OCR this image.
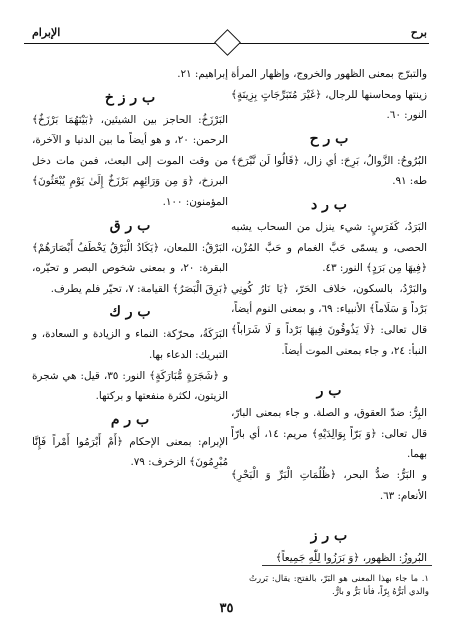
برح
الإبرام

والتبرّج بمعنى الظهور والخروج، وإظهار المرأة زينتها ومحاسنها للرجال، ﴿غَيْرَ مُتَبَرِّجَاتٍ بِزِينَةٍ﴾ النور: ٦٠.

ب ر ح

البُرُوحُ: الزَّوالُ، بَرِحَ: أي زال، ﴿قَالُوا لَن نَّبْرَحَ﴾ طه: ٩١.

ب ر د

البَرَدُ، كَفَرَسٍ: شيء ينزل من السحاب يشبه الحصى، و يسمّى حَبَّ الغمام و حَبَّ المُزْن، ﴿فِيهَا مِن بَرَدٍ﴾ النور: ٤٣.

والبَرْدُ، بالسكون، خلاف الحَرّ، ﴿يَا نَارُ كُونِي بَرْداً وَ سَلَاماً﴾ الأنبياء: ٦٩، و بمعنى النوم أيضاً، قال تعالى: ﴿لَا يَذُوقُونَ فِيهَا بَرْداً وَ لَا شَرَاباً﴾ النبأ: ٢٤، و جاء بمعنى الموت أيضاً.

ب ر

البِرُّ: ضدّ العقوق، و الصلة. و جاء بمعنى البارّ، قال تعالى: ﴿وَ بَرّاً بِوَالِدَيْهِ﴾ مريم: ١٤، أي بارّاً بهما.

و البَرُّ: ضدُّ البحر، ﴿ظُلُمَاتِ الْبَرِّ وَ الْبَحْرِ﴾ الأنعام: ٦٣.

ب ر ز

البُروزُ: الظهور، ﴿وَ بَرَزُوا لِلّٰهِ جَمِيعاً﴾

إبراهيم: ٢١.

ب ر ز خ

البَرْزَخُ: الحاجز بين الشيئين، ﴿بَيْنَهُمَا بَرْزَخٌ﴾ الرحمن: ٢٠، و هو أيضاً ما بين الدنيا و الآخرة، من وقت الموت إلى البعث، فمن مات دخل البرزخ، ﴿وَ مِن وَرَائِهِم بَرْزَخٌ إِلَىٰ يَوْمِ يُبْعَثُونَ﴾ المؤمنون: ١٠٠.

ب ر ق

البَرْقُ: اللمعان، ﴿يَكَادُ الْبَرْقُ يَخْطَفُ أَبْصَارَهُمْ﴾ البقرة: ٢٠، و بمعنى شخوص البصر و تحيّره، ﴿بَرِقَ الْبَصَرُ﴾ القيامة: ٧، تحيّر فلم يطرف.

ب ر ك

البَرَكَةُ، محرّكة: النماء و الزيادة و السعادة، و التبريك: الدعاء بها.

و ﴿شَجَرَةٍ مُّبَارَكَةٍ﴾ النور: ٣٥، قيل: هي شجرة الزيتون، لكثرة منفعتها و بركتها.

ب ر م

الإبرام: بمعنى الإحكام ﴿أَمْ أَبْرَمُوا أَمْراً فَإِنَّا مُبْرِمُونَ﴾ الزخرف: ٧٩.

١. ما جاء بهذا المعنى هو البَرّ، بالفتح: يقال: بَررتُ والدي أبَرُّهُ بِرّاً، فأنا بَرٌّ و بارٌّ.
٣٥
